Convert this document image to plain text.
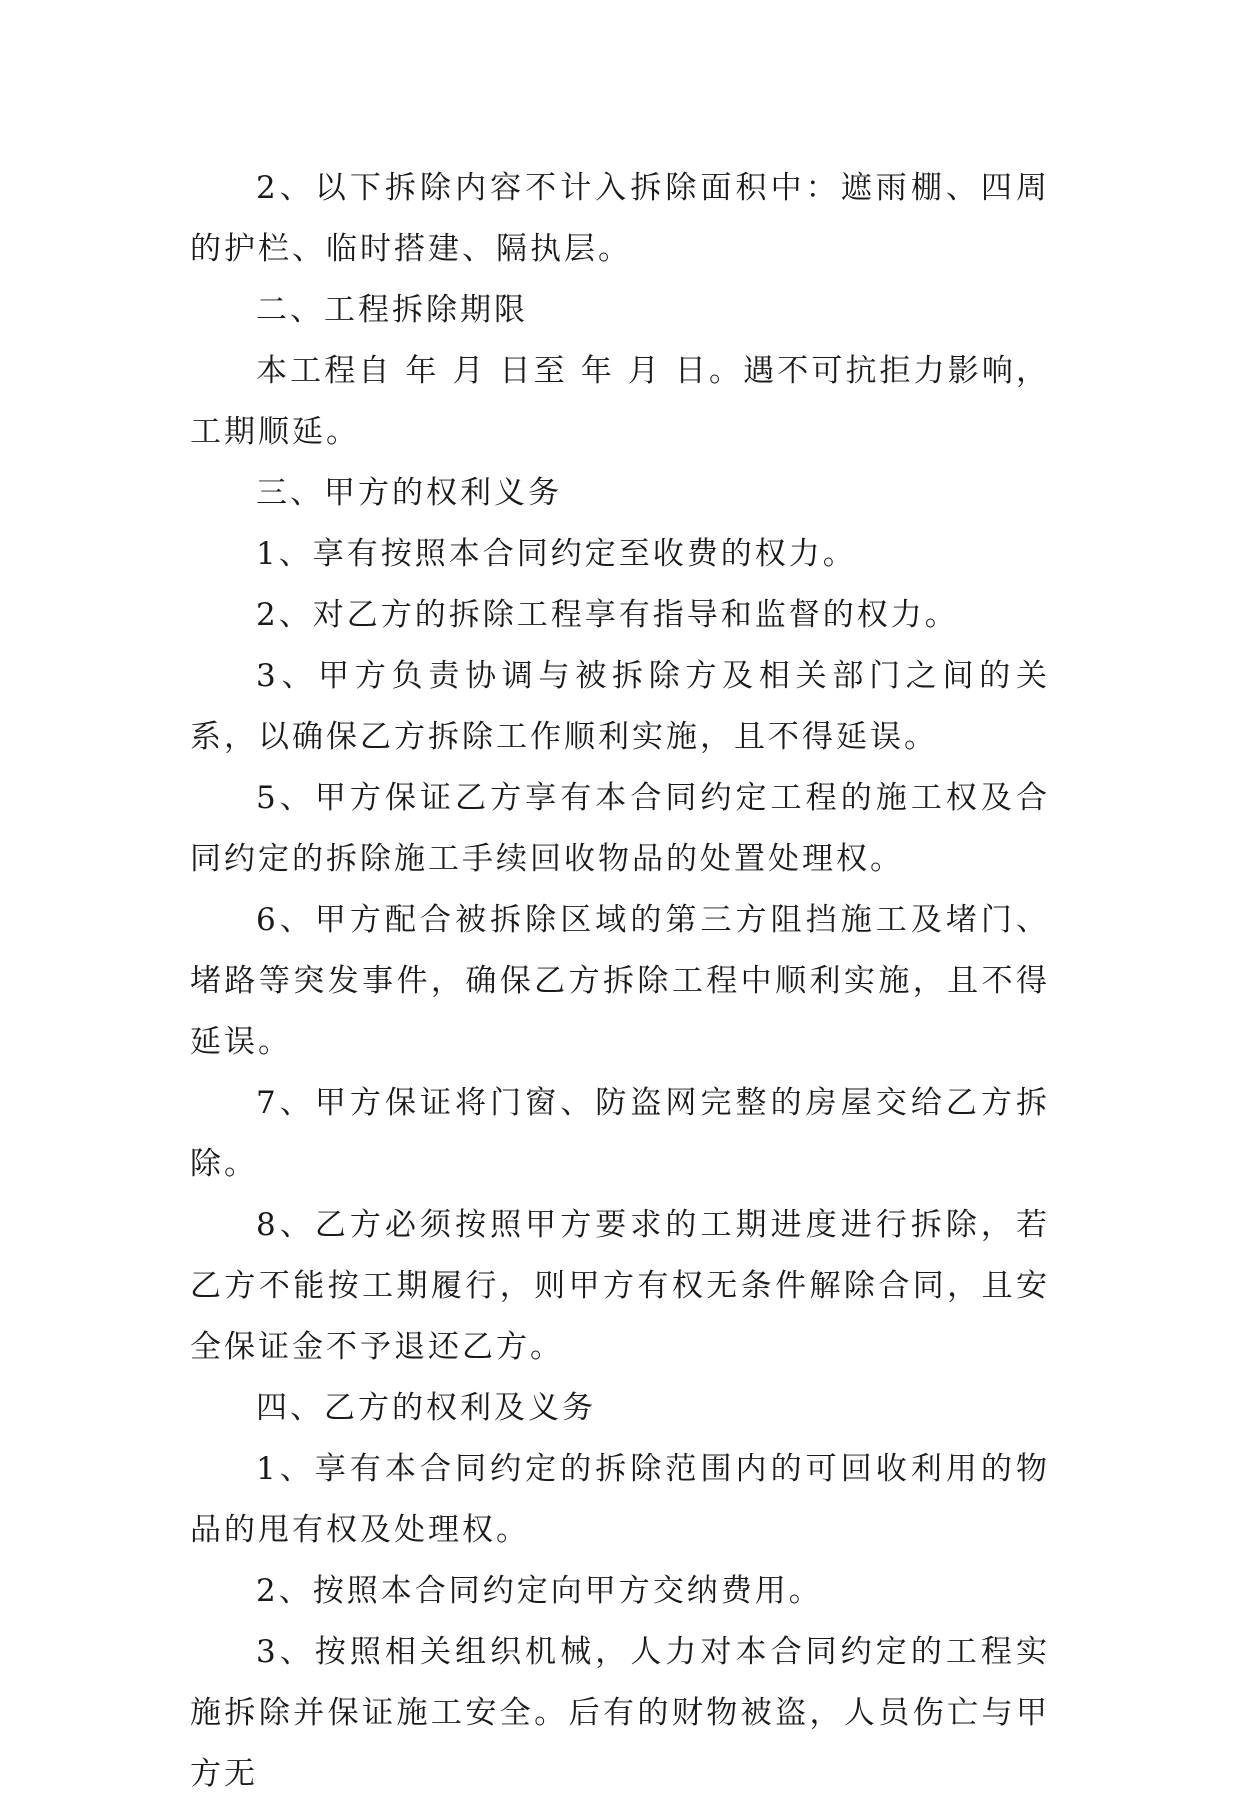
2、以下拆除内容不计入拆除面积中：遮雨棚、四周的护栏、临时搭建、隔执层。

二、工程拆除期限

本工程自 年 月 日至 年 月 日。遇不可抗拒力影响，工期顺延。

三、甲方的权利义务

1、享有按照本合同约定至收费的权力。

2、对乙方的拆除工程享有指导和监督的权力。

3、甲方负责协调与被拆除方及相关部门之间的关系，以确保乙方拆除工作顺利实施，且不得延误。

5、甲方保证乙方享有本合同约定工程的施工权及合同约定的拆除施工手续回收物品的处置处理权。

6、甲方配合被拆除区域的第三方阻挡施工及堵门、堵路等突发事件，确保乙方拆除工程中顺利实施，且不得延误。

7、甲方保证将门窗、防盗网完整的房屋交给乙方拆除。

8、乙方必须按照甲方要求的工期进度进行拆除，若乙方不能按工期履行，则甲方有权无条件解除合同，且安全保证金不予退还乙方。

四、乙方的权利及义务

1、享有本合同约定的拆除范围内的可回收利用的物品的甩有权及处理权。

2、按照本合同约定向甲方交纳费用。

3、按照相关组织机械，人力对本合同约定的工程实施拆除并保证施工安全。后有的财物被盗，人员伤亡与甲方无
